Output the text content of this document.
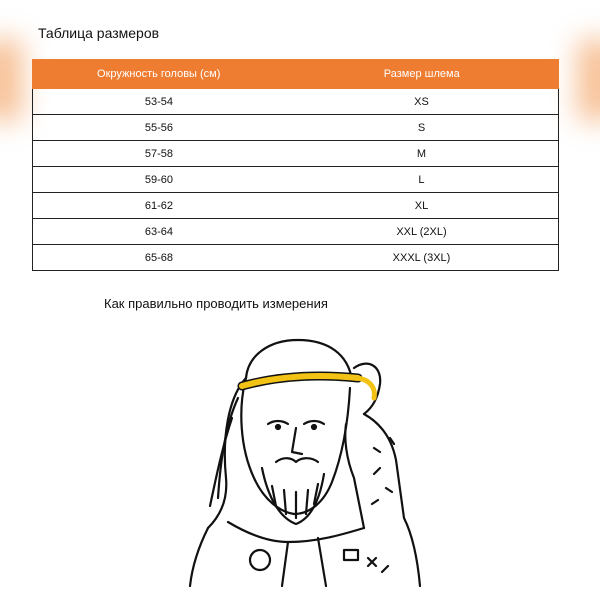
Таблица размеров
Окружность головы (см)	Размер шлема
53-54	XS
55-56	S
57-58	M
59-60	L
61-62	XL
63-64	XXL (2XL)
65-68	XXXL (3XL)
Как правильно проводить измерения
